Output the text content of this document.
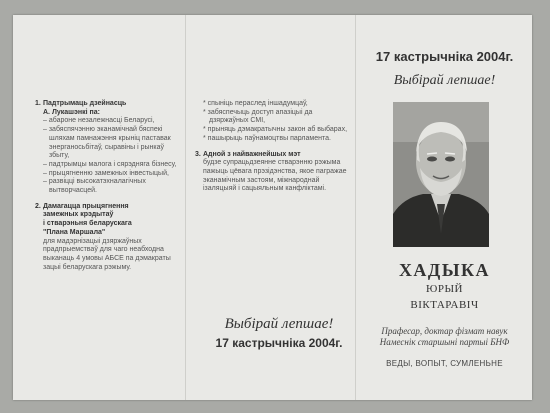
1. Падтрымаць дзейнасць
А. Лукашэнкі па:
– абароне незалежнасці Беларусі,
– забяспячэнню эканамічнай бяспекі шляхам памнажэння крыніц паставак энерганосьбітаў, сыравіны і рынкаў збыту,
– падтрымцы малога і сярэдняга бізнесу,
– прыцягненню замежных інвестыцый,
– развіцці высокатэхналагічных вытворчасцей.
2. Дамагацца прыцягнення
замежных крэдытаў
і стварэньня беларускага
"Плана Маршала"
для мадэрнізацыі дзяржаўных прадпрыемстваў для чаго неабходна выканаць 4 умовы АБСЕ па дэмакраты зацыі беларускага рэжыму.
* спыніць пераслед іншадумцаў,
* забяспечыць доступ апазіцыі да дзяржаўных СМІ,
* прыняць дэмакратычны закон аб выбарах,
* пашырыць паўнамоцтвы парламента.
3. Адной з найважнейшых мэт
будзе супрацьдзеянне стварэнню рэжыма пажыць цёвага прэзідэнства, якое пагражае эканамічным застоям, міжнароднай ізаляцыяй і сацыяльным канфліктамі.
Выбірай лепшае!
17 кастрычніка 2004г.
17 кастрычніка 2004г.
Выбірай лепшае!
ХАДЫКА
ЮРЫЙ
ВІКТАРАВІЧ
Прафесар, доктар фізмат навук
Намеснік старшыні партыі БНФ
ВЕДЫ, ВОПЫТ, СУМЛЕНЬНЕ
